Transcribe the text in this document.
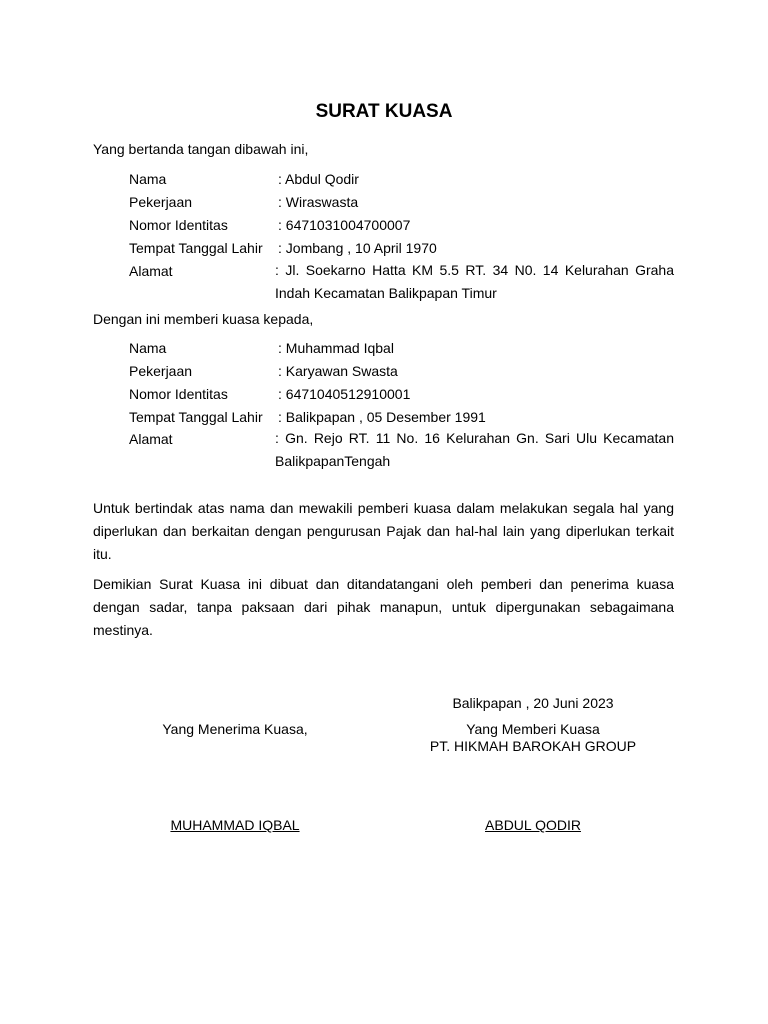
SURAT KUASA
Yang bertanda tangan dibawah ini,
Nama	: Abdul Qodir
Pekerjaan	: Wiraswasta
Nomor Identitas	: 6471031004700007
Tempat Tanggal Lahir : Jombang , 10 April 1970
Alamat	: Jl. Soekarno Hatta KM 5.5 RT. 34 N0. 14 Kelurahan Graha Indah Kecamatan Balikpapan Timur
Dengan ini memberi kuasa kepada,
Nama	: Muhammad Iqbal
Pekerjaan	: Karyawan Swasta
Nomor Identitas	: 6471040512910001
Tempat Tanggal Lahir : Balikpapan , 05 Desember 1991
Alamat	: Gn. Rejo RT. 11 No. 16 Kelurahan Gn. Sari Ulu Kecamatan BalikpapanTengah
Untuk bertindak atas nama dan mewakili pemberi kuasa dalam melakukan segala hal yang diperlukan dan berkaitan dengan pengurusan Pajak dan hal-hal lain yang diperlukan terkait itu.
Demikian Surat Kuasa ini dibuat dan ditandatangani oleh pemberi dan penerima kuasa dengan sadar, tanpa paksaan dari pihak manapun, untuk dipergunakan sebagaimana mestinya.
Balikpapan , 20 Juni 2023
Yang Menerima Kuasa,	Yang Memberi Kuasa
PT. HIKMAH BAROKAH GROUP
MUHAMMAD IQBAL	ABDUL QODIR
